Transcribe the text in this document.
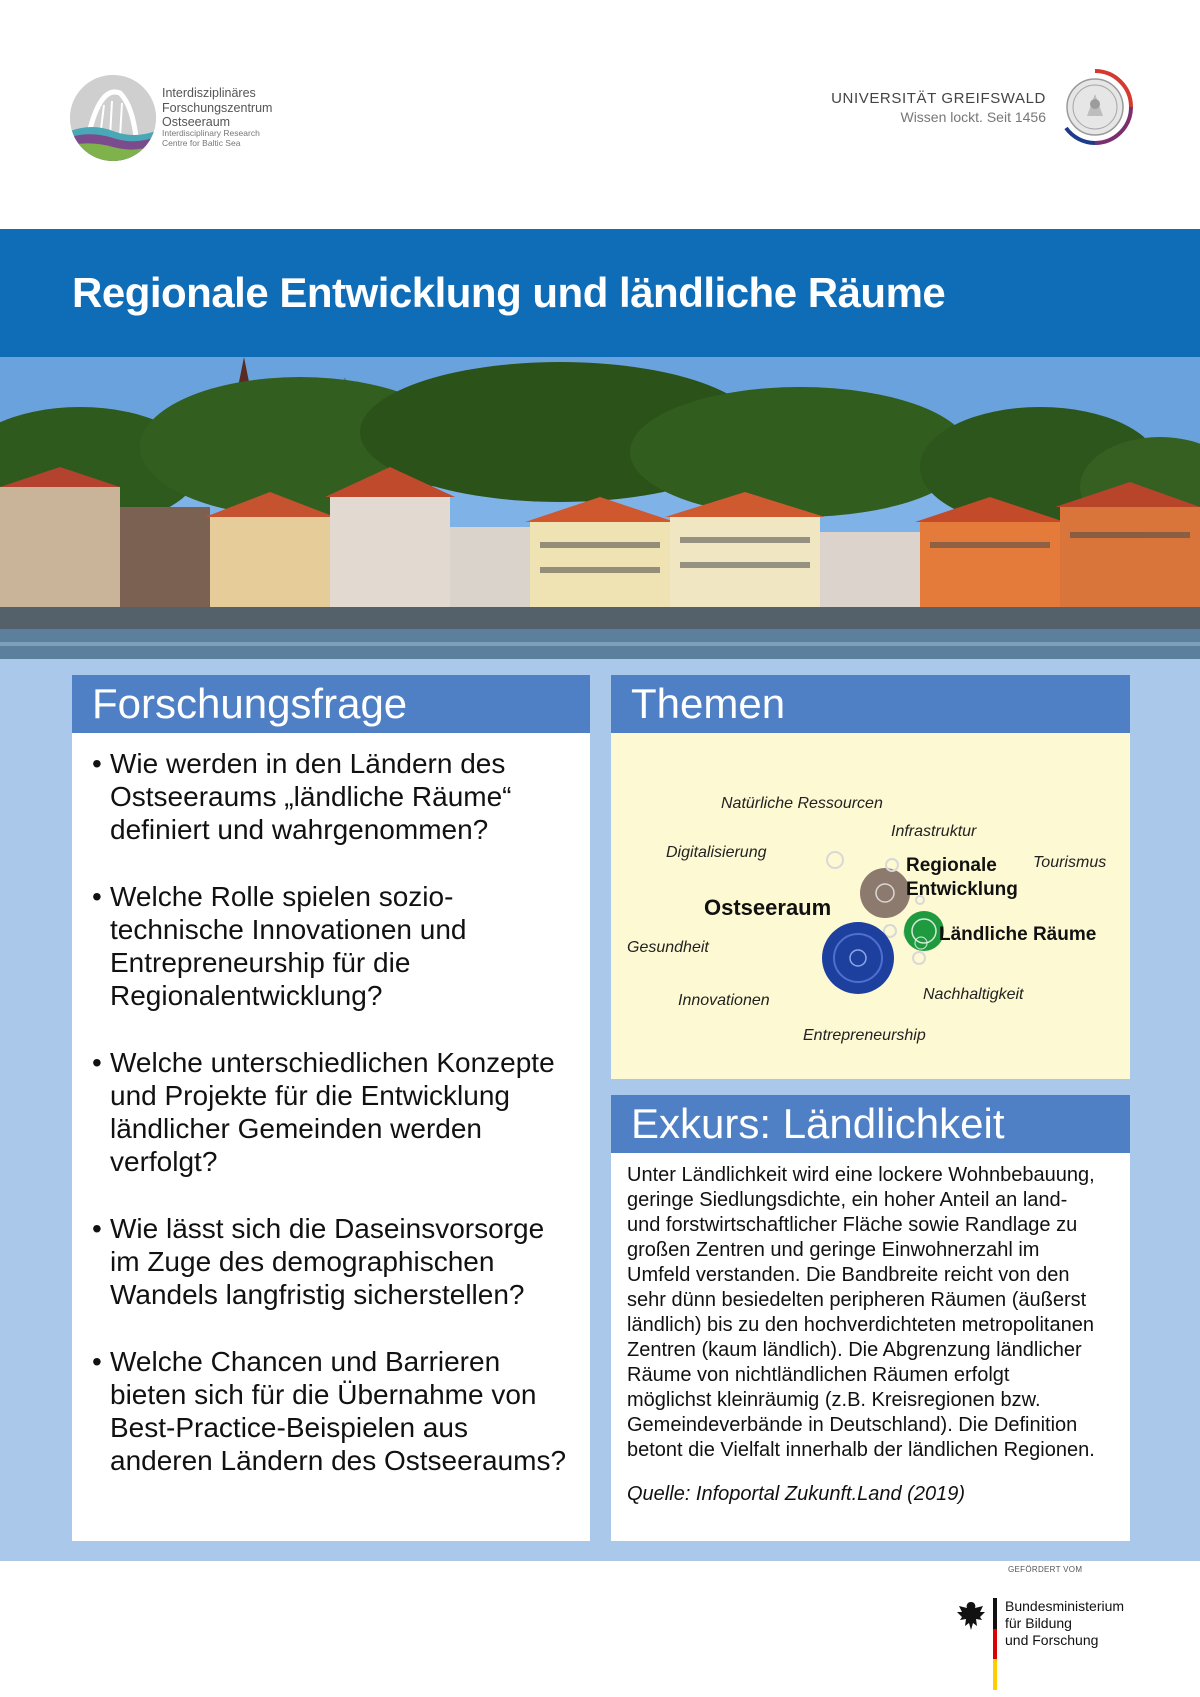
Interdisziplinäres
Forschungszentrum
Ostseeraum
Interdisciplinary Research
Centre for Baltic Sea
UNIVERSITÄT GREIFSWALD
Wissen lockt. Seit 1456
Regionale Entwicklung und ländliche Räume
Forschungsfrage
• Wie werden in den Ländern des Ostseeraums „ländliche Räume“ definiert und wahrgenommen?
• Welche Rolle spielen sozio-technische Innovationen und Entrepreneurship für die Regionalentwicklung?
• Welche unterschiedlichen Konzepte und Projekte für die Entwicklung ländlicher Gemeinden werden verfolgt?
• Wie lässt sich die Daseinsvorsorge im Zuge des demographischen Wandels langfristig sicherstellen?
• Welche Chancen und Barrieren bieten sich für die Übernahme von Best-Practice-Beispielen aus anderen Ländern des Ostseeraums?
Themen
Natürliche Ressourcen
Infrastruktur
Digitalisierung
Tourismus
Regionale
Entwicklung
Ostseeraum
Ländliche Räume
Gesundheit
Nachhaltigkeit
Innovationen
Entrepreneurship
Exkurs: Ländlichkeit
Unter Ländlichkeit wird eine lockere Wohnbebauung,
geringe Siedlungsdichte, ein hoher Anteil an land-
und forstwirtschaftlicher Fläche sowie Randlage zu
großen Zentren und geringe Einwohnerzahl im
Umfeld verstanden. Die Bandbreite reicht von den
sehr dünn besiedelten peripheren Räumen (äußerst
ländlich) bis zu den hochverdichteten metropolitanen
Zentren (kaum ländlich). Die Abgrenzung ländlicher
Räume von nichtländlichen Räumen erfolgt
möglichst kleinräumig (z.B. Kreisregionen bzw.
Gemeindeverbände in Deutschland). Die Definition
betont die Vielfalt innerhalb der ländlichen Regionen.
Quelle: Infoportal Zukunft.Land (2019)
GEFÖRDERT VOM
Bundesministerium
für Bildung
und Forschung
